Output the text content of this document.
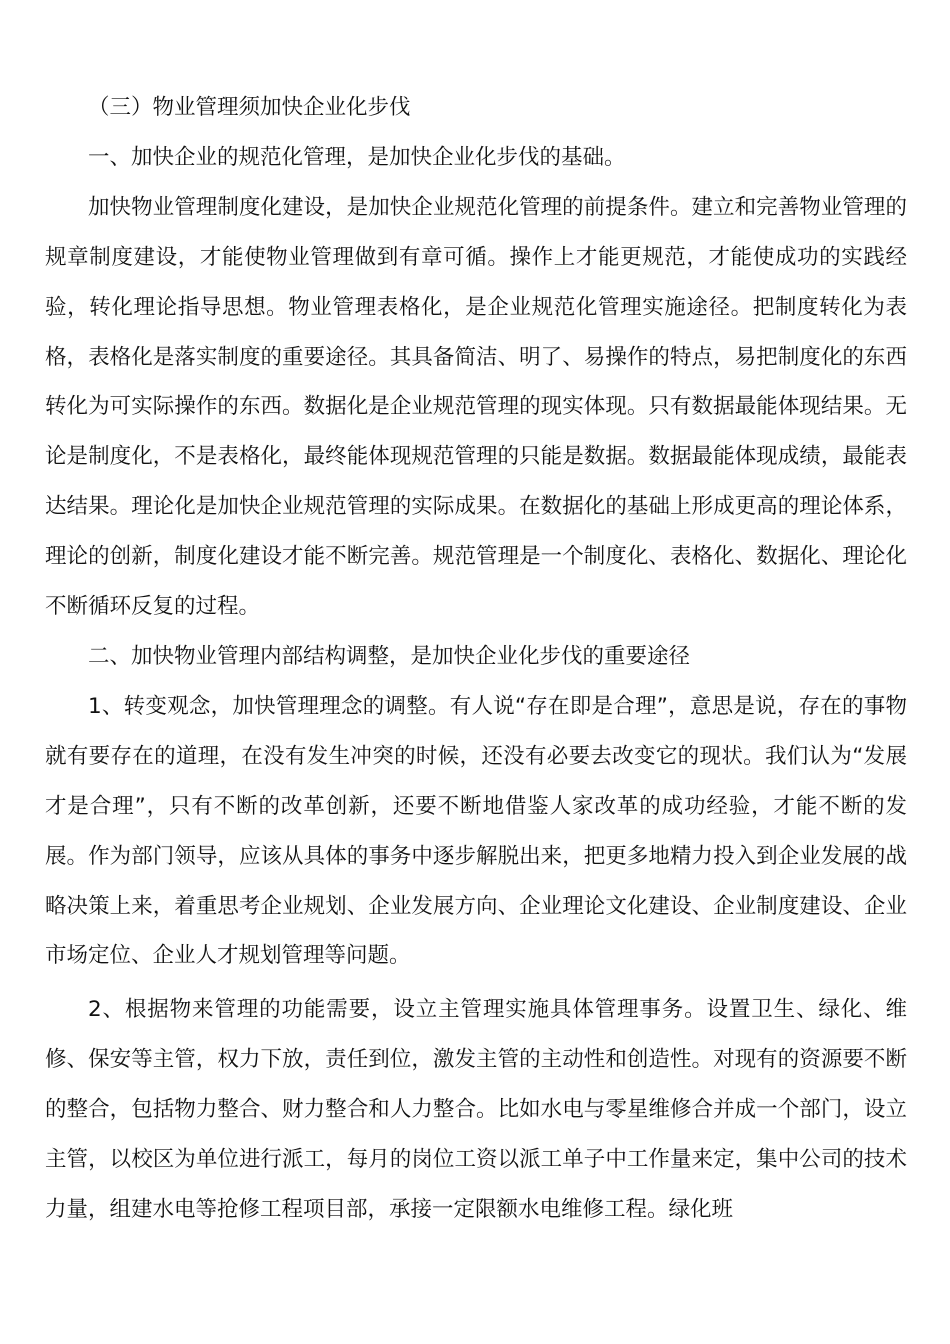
（三）物业管理须加快企业化步伐

一、加快企业的规范化管理，是加快企业化步伐的基础。

加快物业管理制度化建设，是加快企业规范化管理的前提条件。建立和完善物业管理的规章制度建设，才能使物业管理做到有章可循。操作上才能更规范，才能使成功的实践经验，转化理论指导思想。物业管理表格化，是企业规范化管理实施途径。把制度转化为表格，表格化是落实制度的重要途径。其具备简洁、明了、易操作的特点，易把制度化的东西转化为可实际操作的东西。数据化是企业规范管理的现实体现。只有数据最能体现结果。无论是制度化，不是表格化，最终能体现规范管理的只能是数据。数据最能体现成绩，最能表达结果。理论化是加快企业规范管理的实际成果。在数据化的基础上形成更高的理论体系，理论的创新，制度化建设才能不断完善。规范管理是一个制度化、表格化、数据化、理论化不断循环反复的过程。

二、加快物业管理内部结构调整，是加快企业化步伐的重要途径

1、转变观念，加快管理理念的调整。有人说“存在即是合理”，意思是说，存在的事物就有要存在的道理，在没有发生冲突的时候，还没有必要去改变它的现状。我们认为“发展才是合理”，只有不断的改革创新，还要不断地借鉴人家改革的成功经验，才能不断的发展。作为部门领导，应该从具体的事务中逐步解脱出来，把更多地精力投入到企业发展的战略决策上来，着重思考企业规划、企业发展方向、企业理论文化建设、企业制度建设、企业市场定位、企业人才规划管理等问题。

2、根据物来管理的功能需要，设立主管理实施具体管理事务。设置卫生、绿化、维修、保安等主管，权力下放，责任到位，激发主管的主动性和创造性。对现有的资源要不断的整合，包括物力整合、财力整合和人力整合。比如水电与零星维修合并成一个部门，设立主管，以校区为单位进行派工，每月的岗位工资以派工单子中工作量来定，集中公司的技术力量，组建水电等抢修工程项目部，承接一定限额水电维修工程。绿化班
